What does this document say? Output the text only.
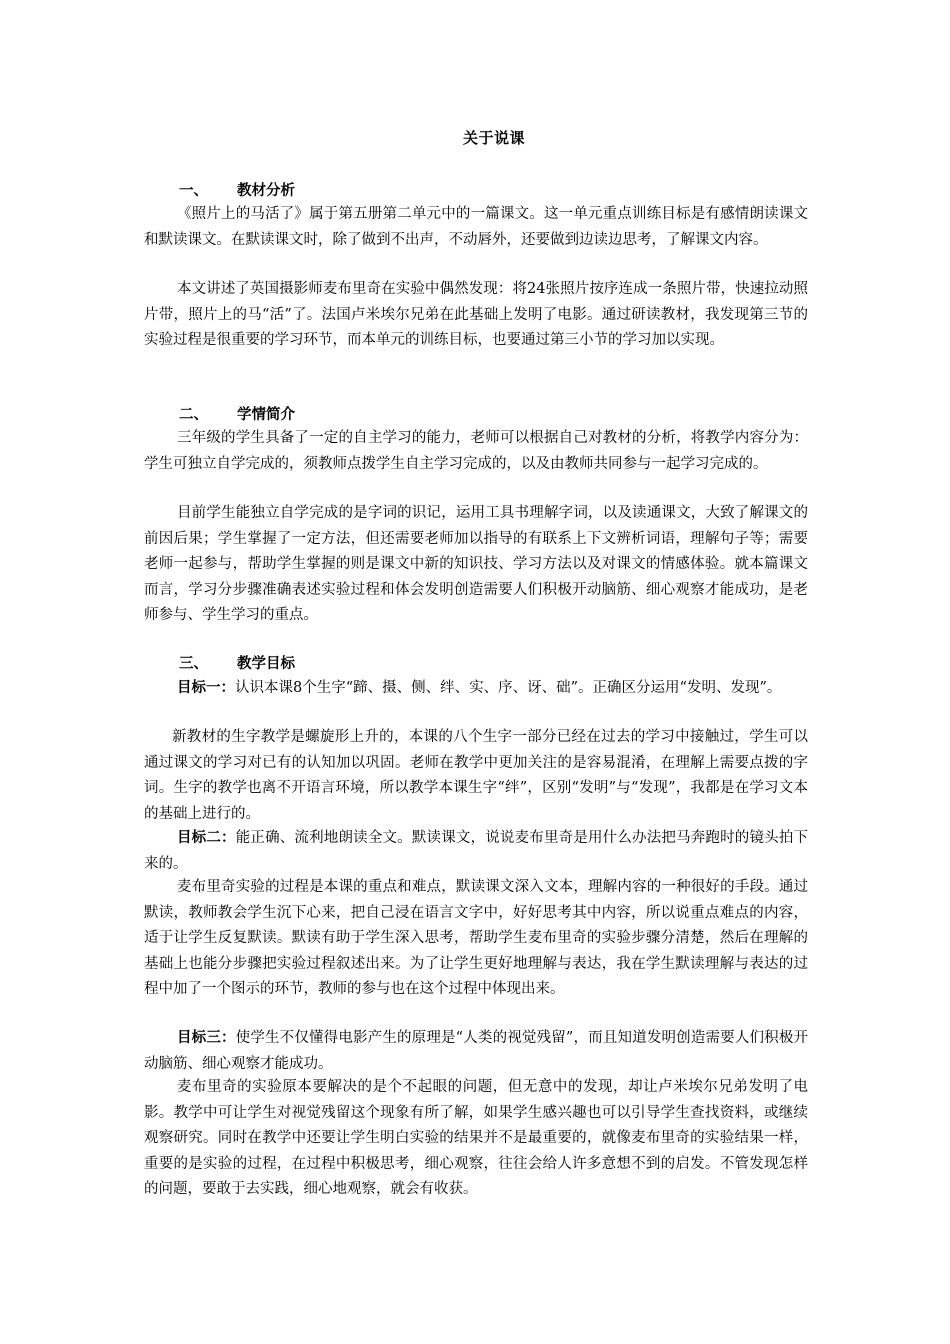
关于说课
一、 教材分析
《照片上的马活了》属于第五册第二单元中的一篇课文。这一单元重点训练目标是有感情朗读课文和默读课文。在默读课文时，除了做到不出声，不动唇外，还要做到边读边思考，了解课文内容。
本文讲述了英国摄影师麦布里奇在实验中偶然发现：将24张照片按序连成一条照片带，快速拉动照片带，照片上的马“活”了。法国卢米埃尔兄弟在此基础上发明了电影。通过研读教材，我发现第三节的实验过程是很重要的学习环节，而本单元的训练目标，也要通过第三小节的学习加以实现。
二、 学情简介
三年级的学生具备了一定的自主学习的能力，老师可以根据自己对教材的分析，将教学内容分为：学生可独立自学完成的，须教师点拨学生自主学习完成的，以及由教师共同参与一起学习完成的。
目前学生能独立自学完成的是字词的识记，运用工具书理解字词，以及读通课文，大致了解课文的前因后果；学生掌握了一定方法，但还需要老师加以指导的有联系上下文辨析词语，理解句子等；需要老师一起参与，帮助学生掌握的则是课文中新的知识技、学习方法以及对课文的情感体验。就本篇课文而言，学习分步骤准确表述实验过程和体会发明创造需要人们积极开动脑筋、细心观察才能成功，是老师参与、学生学习的重点。
三、 教学目标
目标一：认识本课8个生字“蹄、摄、侧、绊、实、序、讶、础”。正确区分运用“发明、发现”。
新教材的生字教学是螺旋形上升的，本课的八个生字一部分已经在过去的学习中接触过，学生可以通过课文的学习对已有的认知加以巩固。老师在教学中更加关注的是容易混淆，在理解上需要点拨的字词。生字的教学也离不开语言环境，所以教学本课生字“绊”，区别“发明”与“发现”，我都是在学习文本的基础上进行的。
目标二：能正确、流利地朗读全文。默读课文，说说麦布里奇是用什么办法把马奔跑时的镜头拍下来的。
麦布里奇实验的过程是本课的重点和难点，默读课文深入文本，理解内容的一种很好的手段。通过默读，教师教会学生沉下心来，把自己浸在语言文字中，好好思考其中内容，所以说重点难点的内容，适于让学生反复默读。默读有助于学生深入思考，帮助学生麦布里奇的实验步骤分清楚，然后在理解的基础上也能分步骤把实验过程叙述出来。为了让学生更好地理解与表达，我在学生默读理解与表达的过程中加了一个图示的环节，教师的参与也在这个过程中体现出来。
目标三：使学生不仅懂得电影产生的原理是“人类的视觉残留”，而且知道发明创造需要人们积极开动脑筋、细心观察才能成功。
麦布里奇的实验原本要解决的是个不起眼的问题，但无意中的发现，却让卢米埃尔兄弟发明了电影。教学中可让学生对视觉残留这个现象有所了解，如果学生感兴趣也可以引导学生查找资料，或继续观察研究。同时在教学中还要让学生明白实验的结果并不是最重要的，就像麦布里奇的实验结果一样，重要的是实验的过程，在过程中积极思考，细心观察，往往会给人许多意想不到的启发。不管发现怎样的问题，要敢于去实践，细心地观察，就会有收获。
